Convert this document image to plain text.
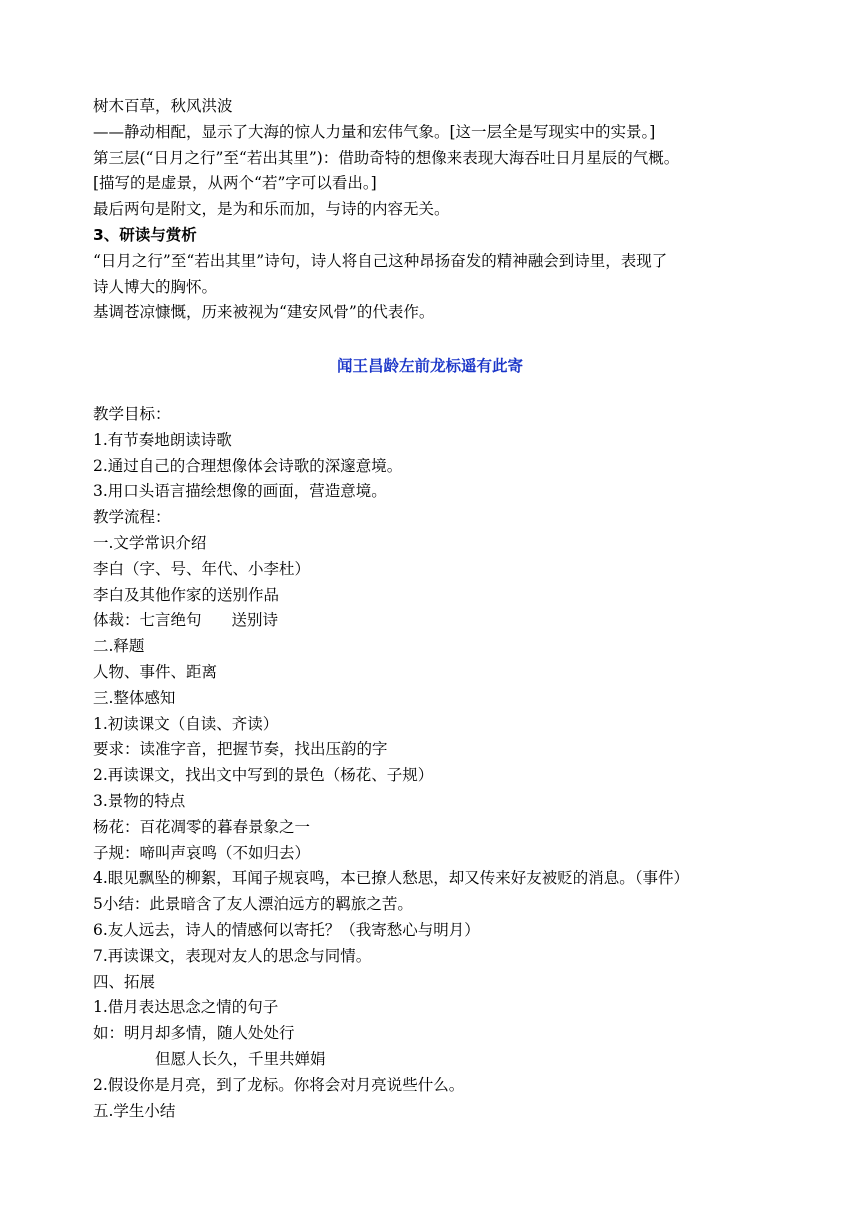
树木百草，秋风洪波
——静动相配，显示了大海的惊人力量和宏伟气象。[这一层全是写现实中的实景。]
第三层(“日月之行”至“若出其里”)：借助奇特的想像来表现大海吞吐日月星辰的气概。
[描写的是虚景，从两个“若”字可以看出。]
最后两句是附文，是为和乐而加，与诗的内容无关。
3、研读与赏析
“日月之行”至“若出其里”诗句，诗人将自己这种昂扬奋发的精神融会到诗里，表现了
诗人博大的胸怀。
基调苍凉慷慨，历来被视为“建安风骨”的代表作。
闻王昌龄左前龙标遥有此寄
教学目标：
1.有节奏地朗读诗歌
2.通过自己的合理想像体会诗歌的深邃意境。
3.用口头语言描绘想像的画面，营造意境。
教学流程：
一.文学常识介绍
李白（字、号、年代、小李杜）
李白及其他作家的送别作品
体裁：七言绝句 送别诗
二.释题
人物、事件、距离
三.整体感知
1.初读课文（自读、齐读）
要求：读准字音，把握节奏，找出压韵的字
2.再读课文，找出文中写到的景色（杨花、子规）
3.景物的特点
杨花：百花凋零的暮春景象之一
子规：啼叫声哀鸣（不如归去）
4.眼见飘坠的柳絮，耳闻子规哀鸣，本已撩人愁思，却又传来好友被贬的消息。（事件）
5小结：此景暗含了友人漂泊远方的羁旅之苦。
6.友人远去，诗人的情感何以寄托？（我寄愁心与明月）
7.再读课文，表现对友人的思念与同情。
四、拓展
1.借月表达思念之情的句子
如：明月却多情，随人处处行
但愿人长久，千里共婵娟
2.假设你是月亮，到了龙标。你将会对月亮说些什么。
五.学生小结
